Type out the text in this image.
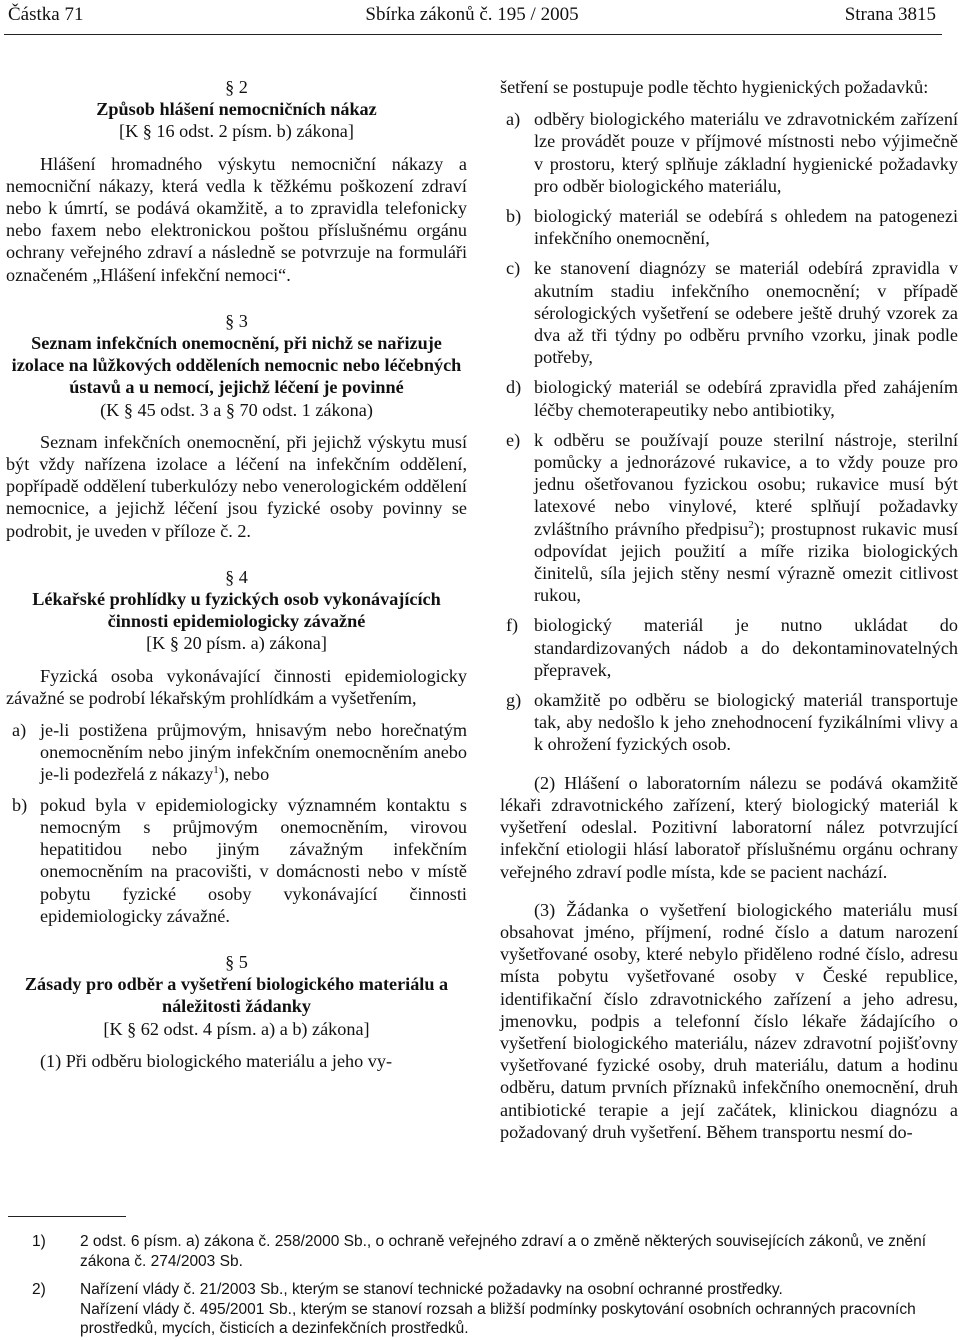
Částka 71	Sbírka zákonů č. 195 / 2005	Strana 3815
§ 2
Způsob hlášení nemocničních nákaz
[K § 16 odst. 2 písm. b) zákona]

Hlášení hromadného výskytu nemocniční nákazy a nemocniční nákazy, která vedla k těžkému poškození zdraví nebo k úmrtí, se podává okamžitě, a to zpravidla telefonicky nebo faxem nebo elektronickou poštou příslušnému orgánu ochrany veřejného zdraví a následně se potvrzuje na formuláři označeném „Hlášení infekční nemoci“.

§ 3
Seznam infekčních onemocnění, při nichž se nařizuje izolace na lůžkových odděleních nemocnic nebo léčebných ústavů a u nemocí, jejichž léčení je povinné
(K § 45 odst. 3 a § 70 odst. 1 zákona)

Seznam infekčních onemocnění, při jejichž výskytu musí být vždy nařízena izolace a léčení na infekčním oddělení, popřípadě oddělení tuberkulózy nebo venerologickém oddělení nemocnice, a jejichž léčení jsou fyzické osoby povinny se podrobit, je uveden v příloze č. 2.

§ 4
Lékařské prohlídky u fyzických osob vykonávajících činnosti epidemiologicky závažné
[K § 20 písm. a) zákona]

Fyzická osoba vykonávající činnosti epidemiologicky závažné se podrobí lékařským prohlídkám a vyšetřením,

a) je-li postižena průjmovým, hnisavým nebo horečnatým onemocněním nebo jiným infekčním onemocněním anebo je-li podezřelá z nákazy$^1$), nebo
b) pokud byla v epidemiologicky významném kontaktu s nemocným s průjmovým onemocněním, virovou hepatitidou nebo jiným závažným infekčním onemocněním na pracovišti, v domácnosti nebo v místě pobytu fyzické osoby vykonávající činnosti epidemiologicky závažné.
§ 5
Zásady pro odběr a vyšetření biologického materiálu a náležitosti žádanky
[K § 62 odst. 4 písm. a) a b) zákona]

(1) Při odběru biologického materiálu a jeho vy-

šetření se postupuje podle těchto hygienických požadavků:

a) odběry biologického materiálu ve zdravotnickém zařízení lze provádět pouze v příjmové místnosti nebo výjimečně v prostoru, který splňuje základní hygienické požadavky pro odběr biologického materiálu,
b) biologický materiál se odebírá s ohledem na patogenezi infekčního onemocnění,
c) ke stanovení diagnózy se materiál odebírá zpravidla v akutním stadiu infekčního onemocnění; v případě sérologických vyšetření se odebere ještě druhý vzorek za dva až tři týdny po odběru prvního vzorku, jinak podle potřeby,
d) biologický materiál se odebírá zpravidla před zahájením léčby chemoterapeutiky nebo antibiotiky,
e) k odběru se používají pouze sterilní nástroje, sterilní pomůcky a jednorázové rukavice, a to vždy pouze pro jednu ošetřovanou fyzickou osobu; rukavice musí být latexové nebo vinylové, které splňují požadavky zvláštního právního předpisu$^2$); prostupnost rukavic musí odpovídat jejich použití a míře rizika biologických činitelů, síla jejich stěny nesmí výrazně omezit citlivost rukou,
f) biologický materiál je nutno ukládat do standardizovaných nádob a do dekontaminovatelných přepravek,
g) okamžitě po odběru se biologický materiál transportuje tak, aby nedošlo k jeho znehodnocení fyzikálními vlivy a k ohrožení fyzických osob.

(2) Hlášení o laboratorním nálezu se podává okamžitě lékaři zdravotnického zařízení, který biologický materiál k vyšetření odeslal. Pozitivní laboratorní nález potvrzující infekční etiologii hlásí laboratoř příslušnému orgánu ochrany veřejného zdraví podle místa, kde se pacient nachází.

(3) Žádanka o vyšetření biologického materiálu musí obsahovat jméno, příjmení, rodné číslo a datum narození vyšetřované osoby, které nebylo přiděleno rodné číslo, adresu místa pobytu vyšetřované osoby v České republice, identifikační číslo zdravotnického zařízení a jeho adresu, jmenovku, podpis a telefonní číslo lékaře žádajícího o vyšetření biologického materiálu, název zdravotní pojišťovny vyšetřované fyzické osoby, druh materiálu, datum a hodinu odběru, datum prvních příznaků infekčního onemocnění, druh antibiotické terapie a její začátek, klinickou diagnózu a požadovaný druh vyšetření. Během transportu nesmí do-

1)	2 odst. 6 písm. a) zákona č. 258/2000 Sb., o ochraně veřejného zdraví a o změně některých souvisejících zákonů, ve znění zákona č. 274/2003 Sb.
2)	Nařízení vlády č. 21/2003 Sb., kterým se stanoví technické požadavky na osobní ochranné prostředky.
Nařízení vlády č. 495/2001 Sb., kterým se stanoví rozsah a bližší podmínky poskytování osobních ochranných pracovních prostředků, mycích, čisticích a dezinfekčních prostředků.
